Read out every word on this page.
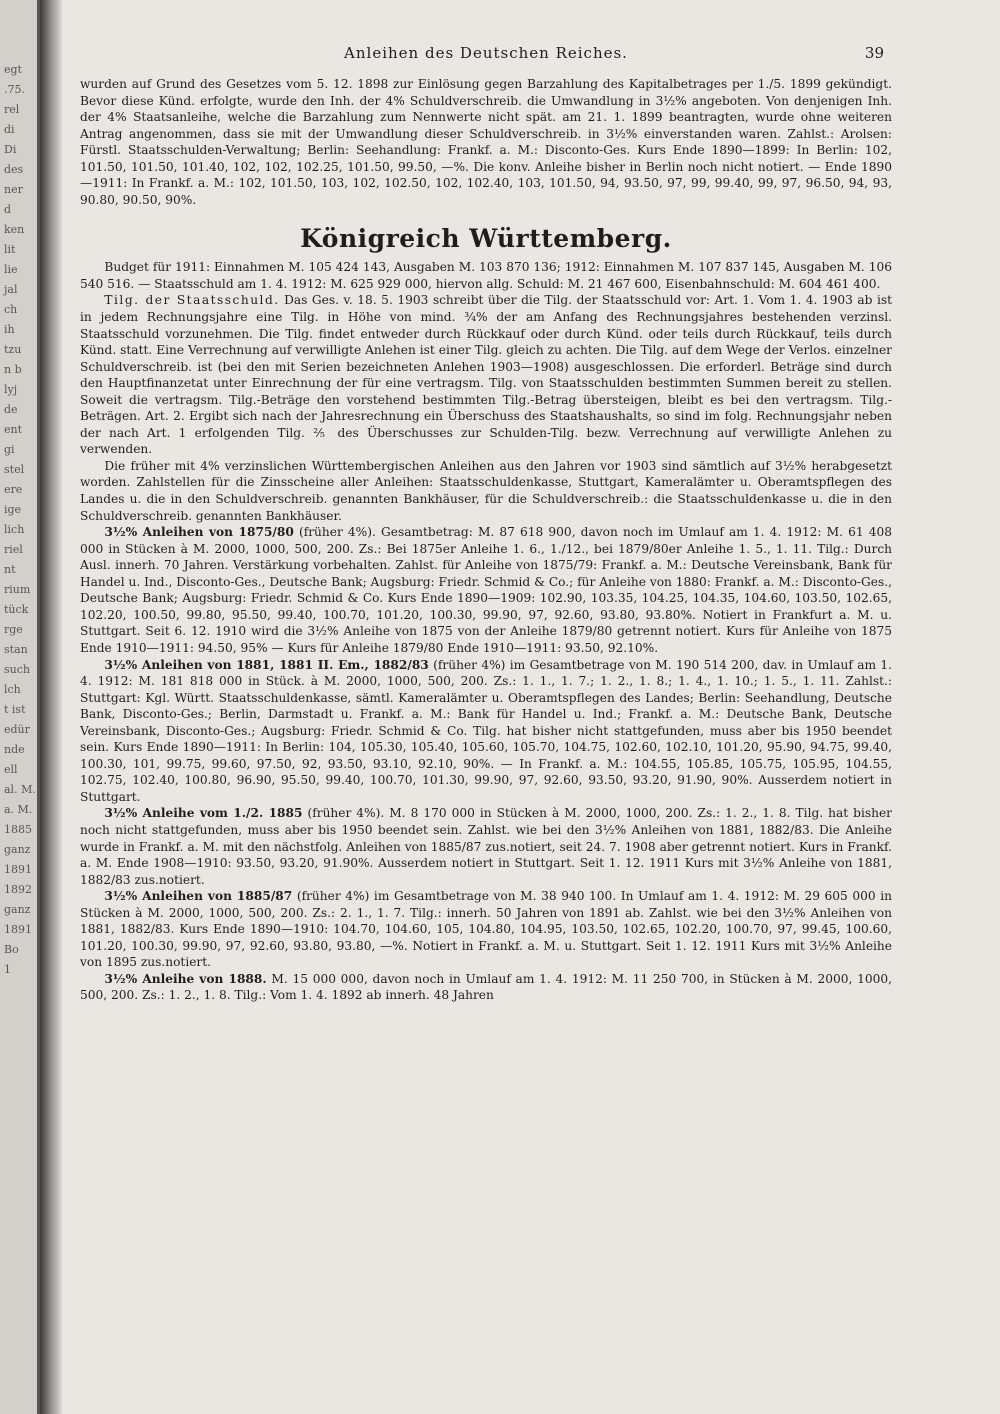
egt
.75.
rel
di
Di
des
ner
d
ken
lit
lie
jal
ch
ih
tzu
n b
lyj
de
ent
gi
stel
ere
ige
lich
riel
nt
rium
tück
rge
stan
such
lch
t ist
edür
nde
ell
al. M.
a. M.
1885
ganz
1891
1892
ganz
1891
Bo
1
Anleihen des Deutschen Reiches.	39

wurden auf Grund des Gesetzes vom 5. 12. 1898 zur Einlösung gegen Barzahlung des Kapitalbetrages per 1./5. 1899 gekündigt. Bevor diese Künd. erfolgte, wurde den Inh. der 4% Schuldverschreib. die Umwandlung in 3½% angeboten. Von denjenigen Inh. der 4% Staatsanleihe, welche die Barzahlung zum Nennwerte nicht spät. am 21. 1. 1899 beantragten, wurde ohne weiteren Antrag angenommen, dass sie mit der Umwandlung dieser Schuldverschreib. in 3½% einverstanden waren. Zahlst.: Arolsen: Fürstl. Staatsschulden-Verwaltung; Berlin: Seehandlung: Frankf. a. M.: Disconto-Ges. Kurs Ende 1890—1899: In Berlin: 102, 101.50, 101.50, 101.40, 102, 102, 102.25, 101.50, 99.50, —%. Die konv. Anleihe bisher in Berlin noch nicht notiert. — Ende 1890—1911: In Frankf. a. M.: 102, 101.50, 103, 102, 102.50, 102, 102.40, 103, 101.50, 94, 93.50, 97, 99, 99.40, 99, 97, 96.50, 94, 93, 90.80, 90.50, 90%.

Königreich Württemberg.

Budget für 1911: Einnahmen M. 105 424 143, Ausgaben M. 103 870 136; 1912: Einnahmen M. 107 837 145, Ausgaben M. 106 540 516. — Staatsschuld am 1. 4. 1912: M. 625 929 000, hiervon allg. Schuld: M. 21 467 600, Eisenbahnschuld: M. 604 461 400.

Tilg. der Staatsschuld. Das Ges. v. 18. 5. 1903 schreibt über die Tilg. der Staatsschuld vor: Art. 1. Vom 1. 4. 1903 ab ist in jedem Rechnungsjahre eine Tilg. in Höhe von mind. ¾% der am Anfang des Rechnungsjahres bestehenden verzinsl. Staatsschuld vorzunehmen. Die Tilg. findet entweder durch Rückkauf oder durch Künd. oder teils durch Rückkauf, teils durch Künd. statt. Eine Verrechnung auf verwilligte Anlehen ist einer Tilg. gleich zu achten. Die Tilg. auf dem Wege der Verlos. einzelner Schuldverschreib. ist (bei den mit Serien bezeichneten Anlehen 1903—1908) ausgeschlossen. Die erforderl. Beträge sind durch den Hauptfinanzetat unter Einrechnung der für eine vertragsm. Tilg. von Staatsschulden bestimmten Summen bereit zu stellen. Soweit die vertragsm. Tilg.-Beträge den vorstehend bestimmten Tilg.-Betrag übersteigen, bleibt es bei den vertragsm. Tilg.-Beträgen. Art. 2. Ergibt sich nach der Jahresrechnung ein Überschuss des Staatshaushalts, so sind im folg. Rechnungsjahr neben der nach Art. 1 erfolgenden Tilg. ⅖ des Überschusses zur Schulden-Tilg. bezw. Verrechnung auf verwilligte Anlehen zu verwenden.

Die früher mit 4% verzinslichen Württembergischen Anleihen aus den Jahren vor 1903 sind sämtlich auf 3½% herabgesetzt worden. Zahlstellen für die Zinsscheine aller Anleihen: Staatsschuldenkasse, Stuttgart, Kameralämter u. Oberamtspflegen des Landes u. die in den Schuldverschreib. genannten Bankhäuser, für die Schuldverschreib.: die Staatsschuldenkasse u. die in den Schuldverschreib. genannten Bankhäuser.

3½% Anleihen von 1875/80 (früher 4%). Gesamtbetrag: M. 87 618 900, davon noch im Umlauf am 1. 4. 1912: M. 61 408 000 in Stücken à M. 2000, 1000, 500, 200. Zs.: Bei 1875er Anleihe 1. 6., 1./12., bei 1879/80er Anleihe 1. 5., 1. 11. Tilg.: Durch Ausl. innerh. 70 Jahren. Verstärkung vorbehalten. Zahlst. für Anleihe von 1875/79: Frankf. a. M.: Deutsche Vereinsbank, Bank für Handel u. Ind., Disconto-Ges., Deutsche Bank; Augsburg: Friedr. Schmid & Co.; für Anleihe von 1880: Frankf. a. M.: Disconto-Ges., Deutsche Bank; Augsburg: Friedr. Schmid & Co. Kurs Ende 1890—1909: 102.90, 103.35, 104.25, 104.35, 104.60, 103.50, 102.65, 102.20, 100.50, 99.80, 95.50, 99.40, 100.70, 101.20, 100.30, 99.90, 97, 92.60, 93.80, 93.80%. Notiert in Frankfurt a. M. u. Stuttgart. Seit 6. 12. 1910 wird die 3½% Anleihe von 1875 von der Anleihe 1879/80 getrennt notiert. Kurs für Anleihe von 1875 Ende 1910—1911: 94.50, 95% — Kurs für Anleihe 1879/80 Ende 1910—1911: 93.50, 92.10%.

3½% Anleihen von 1881, 1881 II. Em., 1882/83 (früher 4%) im Gesamtbetrage von M. 190 514 200, dav. in Umlauf am 1. 4. 1912: M. 181 818 000 in Stück. à M. 2000, 1000, 500, 200. Zs.: 1. 1., 1. 7.; 1. 2., 1. 8.; 1. 4., 1. 10.; 1. 5., 1. 11. Zahlst.: Stuttgart: Kgl. Württ. Staatsschuldenkasse, sämtl. Kameralämter u. Oberamtspflegen des Landes; Berlin: Seehandlung, Deutsche Bank, Disconto-Ges.; Berlin, Darmstadt u. Frankf. a. M.: Bank für Handel u. Ind.; Frankf. a. M.: Deutsche Bank, Deutsche Vereinsbank, Disconto-Ges.; Augsburg: Friedr. Schmid & Co. Tilg. hat bisher nicht stattgefunden, muss aber bis 1950 beendet sein. Kurs Ende 1890—1911: In Berlin: 104, 105.30, 105.40, 105.60, 105.70, 104.75, 102.60, 102.10, 101.20, 95.90, 94.75, 99.40, 100.30, 101, 99.75, 99.60, 97.50, 92, 93.50, 93.10, 92.10, 90%. — In Frankf. a. M.: 104.55, 105.85, 105.75, 105.95, 104.55, 102.75, 102.40, 100.80, 96.90, 95.50, 99.40, 100.70, 101.30, 99.90, 97, 92.60, 93.50, 93.20, 91.90, 90%. Ausserdem notiert in Stuttgart.

3½% Anleihe vom 1./2. 1885 (früher 4%). M. 8 170 000 in Stücken à M. 2000, 1000, 200. Zs.: 1. 2., 1. 8. Tilg. hat bisher noch nicht stattgefunden, muss aber bis 1950 beendet sein. Zahlst. wie bei den 3½% Anleihen von 1881, 1882/83. Die Anleihe wurde in Frankf. a. M. mit den nächstfolg. Anleihen von 1885/87 zus.notiert, seit 24. 7. 1908 aber getrennt notiert. Kurs in Frankf. a. M. Ende 1908—1910: 93.50, 93.20, 91.90%. Ausserdem notiert in Stuttgart. Seit 1. 12. 1911 Kurs mit 3½% Anleihe von 1881, 1882/83 zus.notiert.

3½% Anleihen von 1885/87 (früher 4%) im Gesamtbetrage von M. 38 940 100. In Umlauf am 1. 4. 1912: M. 29 605 000 in Stücken à M. 2000, 1000, 500, 200. Zs.: 2. 1., 1. 7. Tilg.: innerh. 50 Jahren von 1891 ab. Zahlst. wie bei den 3½% Anleihen von 1881, 1882/83. Kurs Ende 1890—1910: 104.70, 104.60, 105, 104.80, 104.95, 103.50, 102.65, 102.20, 100.70, 97, 99.45, 100.60, 101.20, 100.30, 99.90, 97, 92.60, 93.80, 93.80, —%. Notiert in Frankf. a. M. u. Stuttgart. Seit 1. 12. 1911 Kurs mit 3½% Anleihe von 1895 zus.notiert.

3½% Anleihe von 1888. M. 15 000 000, davon noch in Umlauf am 1. 4. 1912: M. 11 250 700, in Stücken à M. 2000, 1000, 500, 200. Zs.: 1. 2., 1. 8. Tilg.: Vom 1. 4. 1892 ab innerh. 48 Jahren
